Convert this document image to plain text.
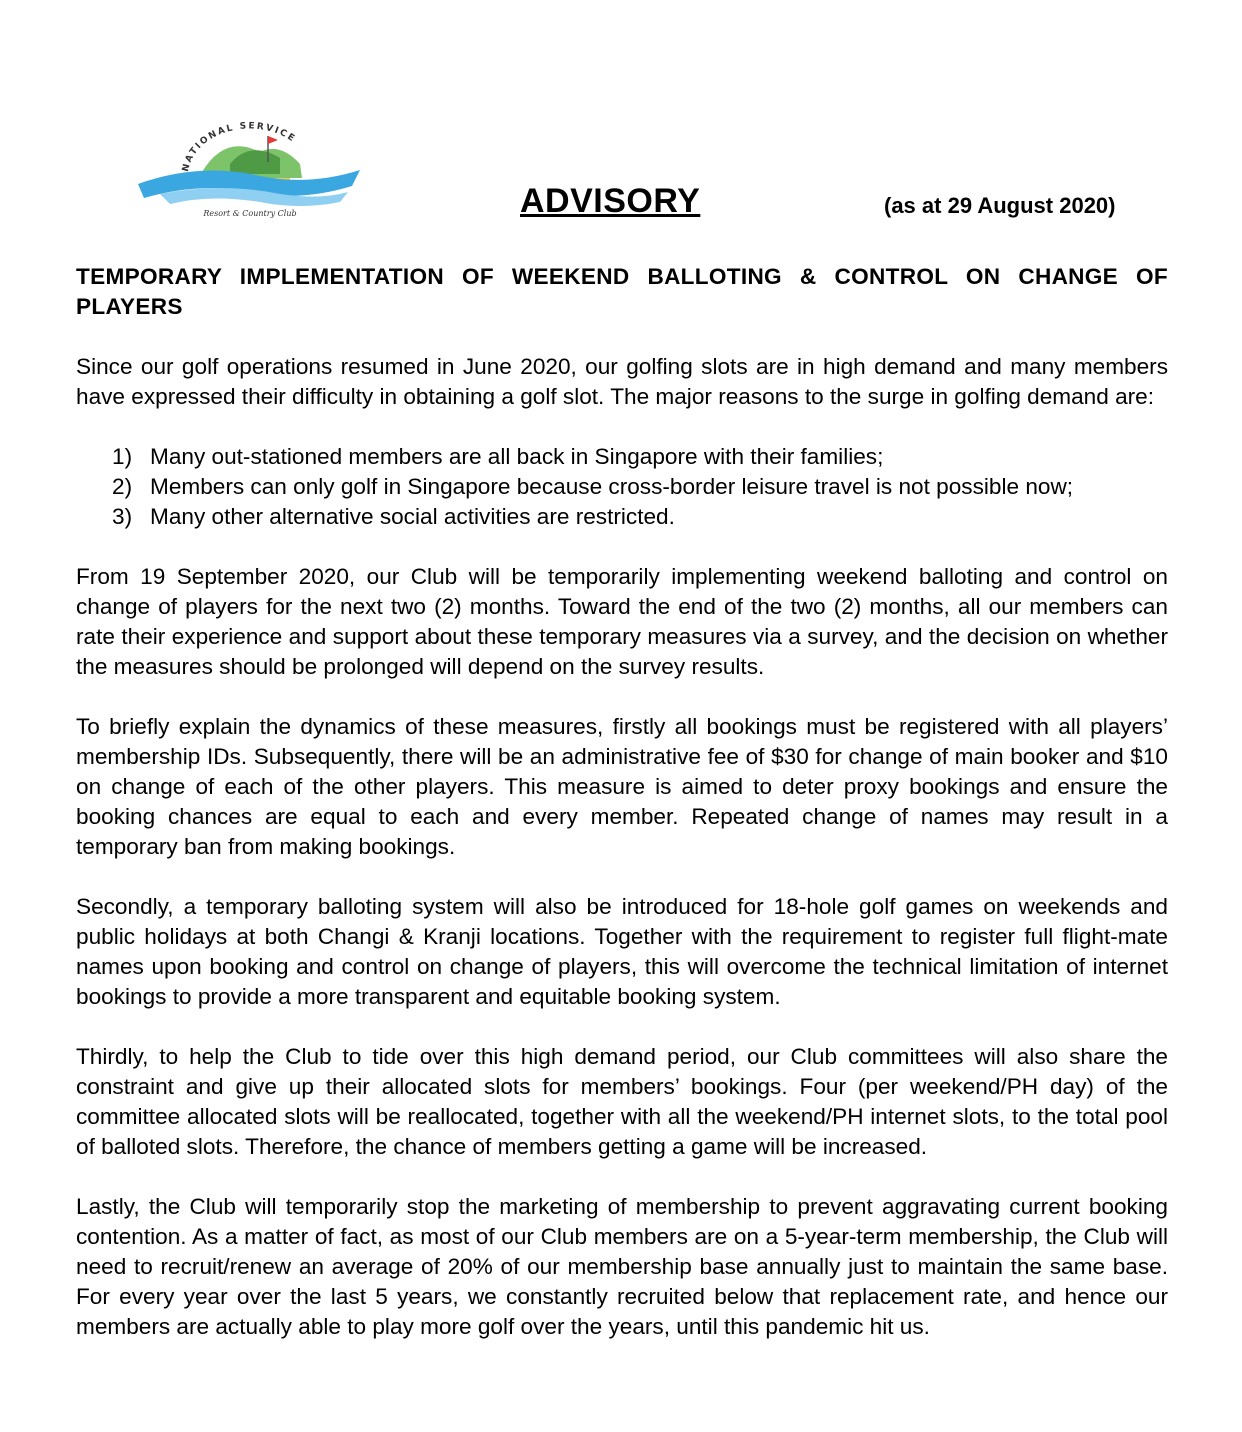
NATIONAL SERVICE
Resort & Country Club	ADVISORY	(as at 29 August 2020)

TEMPORARY IMPLEMENTATION OF WEEKEND BALLOTING & CONTROL ON CHANGE OF PLAYERS

Since our golf operations resumed in June 2020, our golfing slots are in high demand and many members have expressed their difficulty in obtaining a golf slot. The major reasons to the surge in golfing demand are:

1) Many out-stationed members are all back in Singapore with their families;
2) Members can only golf in Singapore because cross-border leisure travel is not possible now;
3) Many other alternative social activities are restricted.

From 19 September 2020, our Club will be temporarily implementing weekend balloting and control on change of players for the next two (2) months. Toward the end of the two (2) months, all our members can rate their experience and support about these temporary measures via a survey, and the decision on whether the measures should be prolonged will depend on the survey results.

To briefly explain the dynamics of these measures, firstly all bookings must be registered with all players’ membership IDs. Subsequently, there will be an administrative fee of $30 for change of main booker and $10 on change of each of the other players. This measure is aimed to deter proxy bookings and ensure the booking chances are equal to each and every member. Repeated change of names may result in a temporary ban from making bookings.

Secondly, a temporary balloting system will also be introduced for 18-hole golf games on weekends and public holidays at both Changi & Kranji locations. Together with the requirement to register full flight-mate names upon booking and control on change of players, this will overcome the technical limitation of internet bookings to provide a more transparent and equitable booking system.

Thirdly, to help the Club to tide over this high demand period, our Club committees will also share the constraint and give up their allocated slots for members’ bookings. Four (per weekend/PH day) of the committee allocated slots will be reallocated, together with all the weekend/PH internet slots, to the total pool of balloted slots. Therefore, the chance of members getting a game will be increased.

Lastly, the Club will temporarily stop the marketing of membership to prevent aggravating current booking contention. As a matter of fact, as most of our Club members are on a 5-year-term membership, the Club will need to recruit/renew an average of 20% of our membership base annually just to maintain the same base. For every year over the last 5 years, we constantly recruited below that replacement rate, and hence our members are actually able to play more golf over the years, until this pandemic hit us.
